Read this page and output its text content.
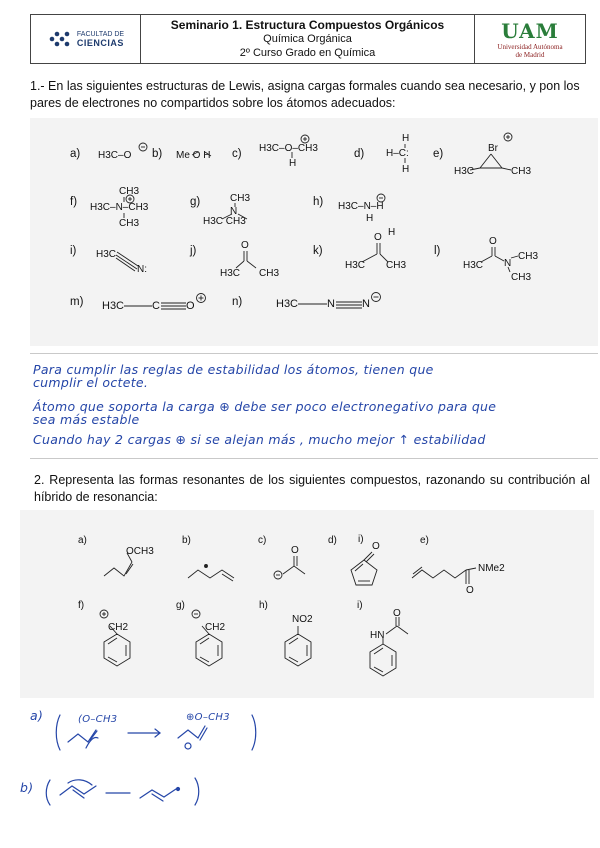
FACULTAD DE
CIENCIAS
Seminario 1. Estructura Compuestos Orgánicos
Química Orgánica
2º Curso Grado en Química
UAM
Universidad Autónoma
de Madrid
1.- En las siguientes estructuras de Lewis, asigna cargas formales cuando sea necesario, y pon los pares de electrones no compartidos sobre los átomos adecuados:
a) H3C–O b) Me O H c) H3C–O–CH3
H
d)
H
H–C:
H
e)	Br
H3C	CH3
f)
CH3
H3C–N–CH3
CH3
g)	CH3
N
H3C CH3
h) H3C–N–H
H
i) H3C
N:
j)	O
H3C CH3
k)
O H
H3C CH3
l)
O
H3C N
CH3
CH3
m) H3C	C O	n)	H3C	N N
Para cumplir las reglas de estabilidad los átomos, tienen que
cumplir el octete.
Átomo que soporta la carga ⊕ debe ser poco electronegativo para que
sea más estable
Cuando hay 2 cargas ⊕ si se alejan más , mucho mejor ↑ estabilidad
2. Representa las formas resonantes de los siguientes compuestos, razonando su contribución al híbrido de resonancia:
a)
OCH3
b)	c)
O
d) i)
O
e)
NMe2
O
f)
CH2
g)
CH2
h)
NO2
i)
O
HN
a)	(O–CH3	⊕O–CH3
b)
